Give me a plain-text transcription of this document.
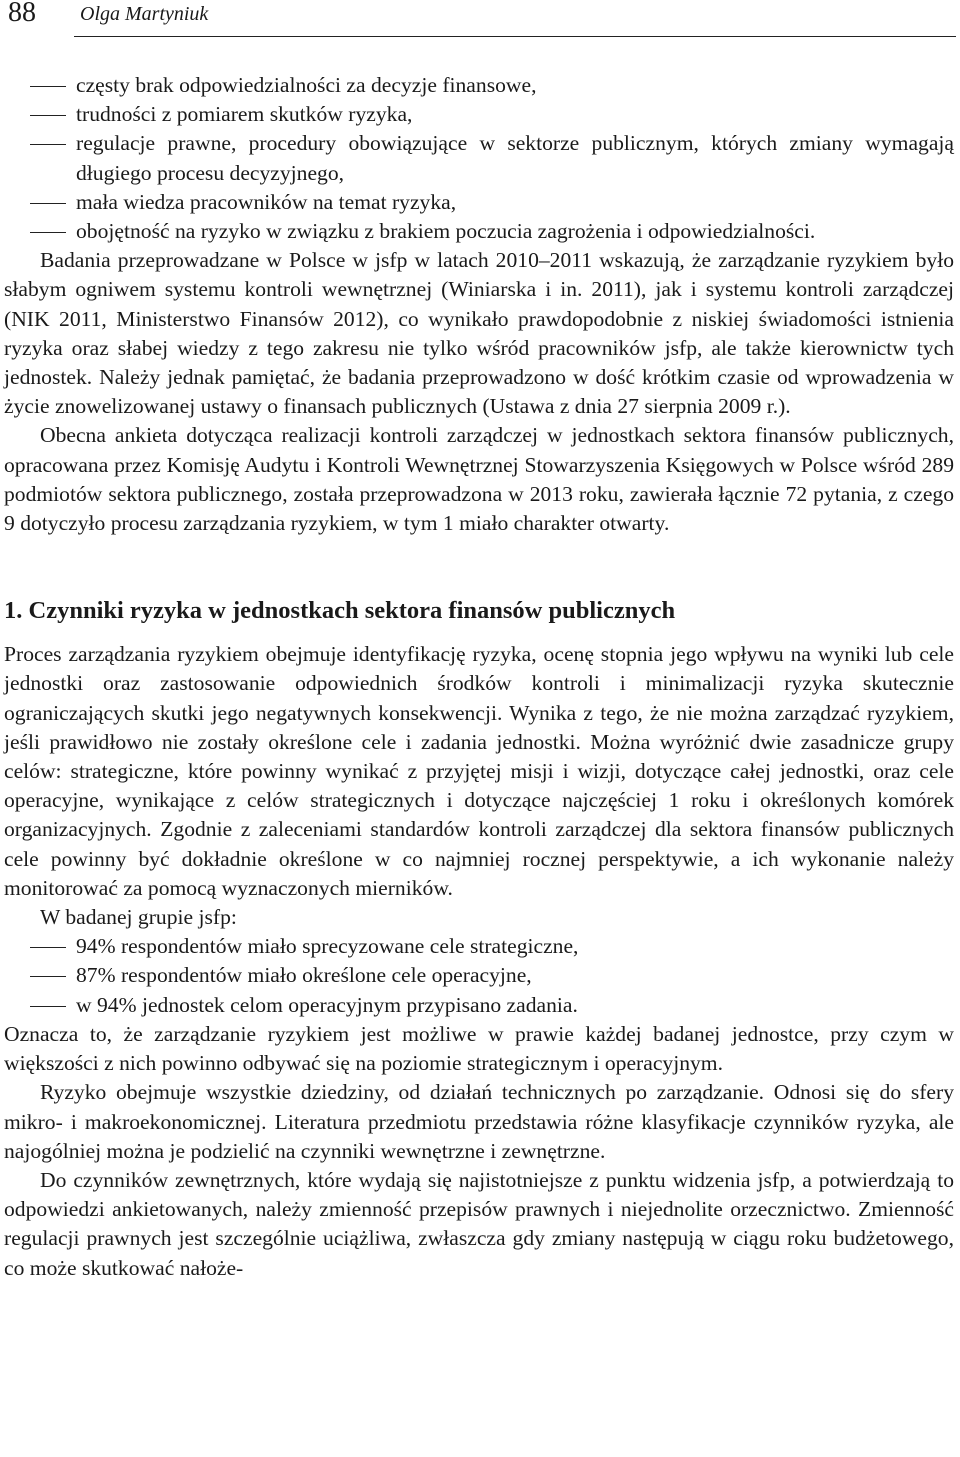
88 Olga Martyniuk
częsty brak odpowiedzialności za decyzje finansowe,
trudności z pomiarem skutków ryzyka,
regulacje prawne, procedury obowiązujące w sektorze publicznym, których zmiany wymagają długiego procesu decyzyjnego,
mała wiedza pracowników na temat ryzyka,
obojętność na ryzyko w związku z brakiem poczucia zagrożenia i odpowiedzialności.

Badania przeprowadzane w Polsce w jsfp w latach 2010–2011 wskazują, że zarządzanie ryzykiem było słabym ogniwem systemu kontroli wewnętrznej (Winiarska i in. 2011), jak i systemu kontroli zarządczej (NIK 2011, Ministerstwo Finansów 2012), co wynikało prawdopodobnie z niskiej świadomości istnienia ryzyka oraz słabej wiedzy z tego zakresu nie tylko wśród pracowników jsfp, ale także kierownictw tych jednostek. Należy jednak pamiętać, że badania przeprowadzono w dość krótkim czasie od wprowadzenia w życie znowelizowanej ustawy o finansach publicznych (Ustawa z dnia 27 sierpnia 2009 r.).

Obecna ankieta dotycząca realizacji kontroli zarządczej w jednostkach sektora finansów publicznych, opracowana przez Komisję Audytu i Kontroli Wewnętrznej Stowarzyszenia Księgowych w Polsce wśród 289 podmiotów sektora publicznego, została przeprowadzona w 2013 roku, zawierała łącznie 72 pytania, z czego 9 dotyczyło procesu zarządzania ryzykiem, w tym 1 miało charakter otwarty.

1. Czynniki ryzyka w jednostkach sektora finansów publicznych

Proces zarządzania ryzykiem obejmuje identyfikację ryzyka, ocenę stopnia jego wpływu na wyniki lub cele jednostki oraz zastosowanie odpowiednich środków kontroli i minimalizacji ryzyka skutecznie ograniczających skutki jego negatywnych konsekwencji. Wynika z tego, że nie można zarządzać ryzykiem, jeśli prawidłowo nie zostały określone cele i zadania jednostki. Można wyróżnić dwie zasadnicze grupy celów: strategiczne, które powinny wynikać z przyjętej misji i wizji, dotyczące całej jednostki, oraz cele operacyjne, wynikające z celów strategicznych i dotyczące najczęściej 1 roku i określonych komórek organizacyjnych. Zgodnie z zaleceniami standardów kontroli zarządczej dla sektora finansów publicznych cele powinny być dokładnie określone w co najmniej rocznej perspektywie, a ich wykonanie należy monitorować za pomocą wyznaczonych mierników.

W badanej grupie jsfp:

94% respondentów miało sprecyzowane cele strategiczne,
87% respondentów miało określone cele operacyjne,
w 94% jednostek celom operacyjnym przypisano zadania.

Oznacza to, że zarządzanie ryzykiem jest możliwe w prawie każdej badanej jednostce, przy czym w większości z nich powinno odbywać się na poziomie strategicznym i operacyjnym.

Ryzyko obejmuje wszystkie dziedziny, od działań technicznych po zarządzanie. Odnosi się do sfery mikro- i makroekonomicznej. Literatura przedmiotu przedstawia różne klasyfikacje czynników ryzyka, ale najogólniej można je podzielić na czynniki wewnętrzne i zewnętrzne.

Do czynników zewnętrznych, które wydają się najistotniejsze z punktu widzenia jsfp, a potwierdzają to odpowiedzi ankietowanych, należy zmienność przepisów prawnych i niejednolite orzecznictwo. Zmienność regulacji prawnych jest szczególnie uciążliwa, zwłaszcza gdy zmiany następują w ciągu roku budżetowego, co może skutkować nałoże-
